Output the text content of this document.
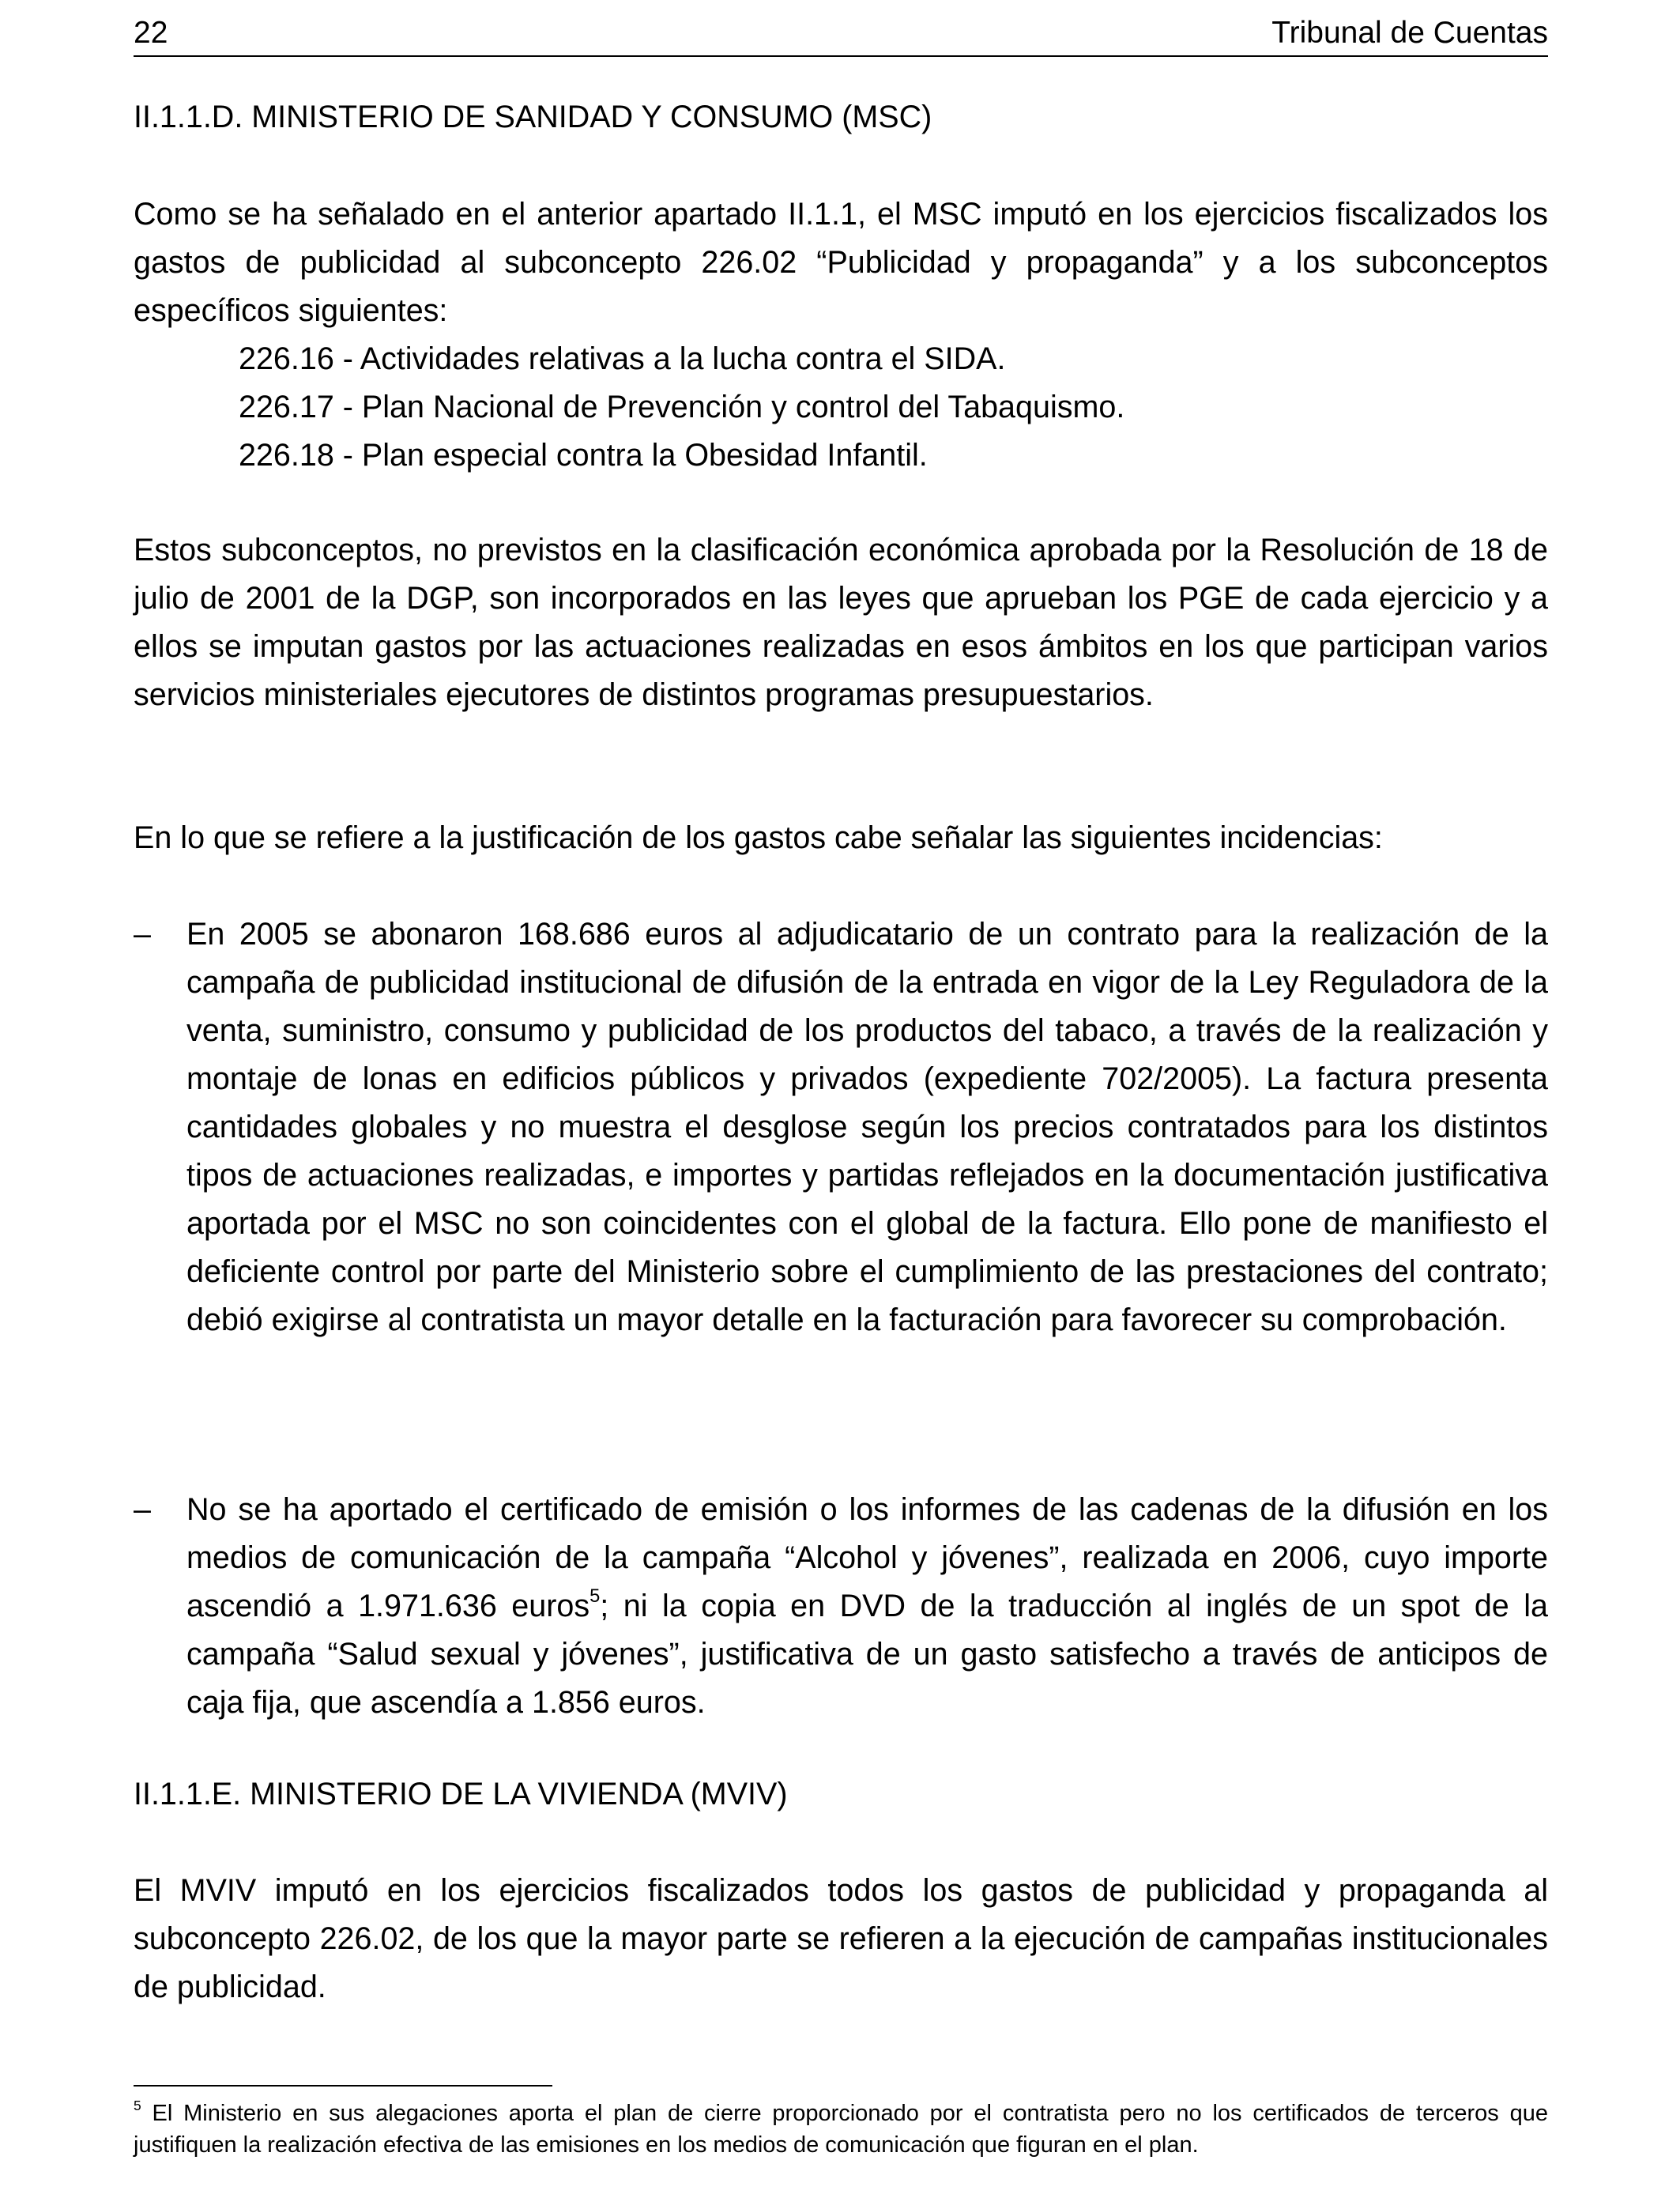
22	Tribunal de Cuentas
II.1.1.D. MINISTERIO DE SANIDAD Y CONSUMO (MSC)
Como se ha señalado en el anterior apartado II.1.1, el MSC imputó en los ejercicios fiscalizados los gastos de publicidad al subconcepto 226.02 “Publicidad y propaganda” y a los subconceptos específicos siguientes:
226.16 - Actividades relativas a la lucha contra el SIDA.
226.17 - Plan Nacional de Prevención y control del Tabaquismo.
226.18 - Plan especial contra la Obesidad Infantil.
Estos subconceptos, no previstos en la clasificación económica aprobada por la Resolución de 18 de julio de 2001 de la DGP, son incorporados en las leyes que aprueban los PGE de cada ejercicio y a ellos se imputan gastos por las actuaciones realizadas en esos ámbitos en los que participan varios servicios ministeriales ejecutores de distintos programas presupuestarios.
En lo que se refiere a la justificación de los gastos cabe señalar las siguientes incidencias:
– En 2005 se abonaron 168.686 euros al adjudicatario de un contrato para la realización de la campaña de publicidad institucional de difusión de la entrada en vigor de la Ley Reguladora de la venta, suministro, consumo y publicidad de los productos del tabaco, a través de la realización y montaje de lonas en edificios públicos y privados (expediente 702/2005). La factura presenta cantidades globales y no muestra el desglose según los precios contratados para los distintos tipos de actuaciones realizadas, e importes y partidas reflejados en la documentación justificativa aportada por el MSC no son coincidentes con el global de la factura. Ello pone de manifiesto el deficiente control por parte del Ministerio sobre el cumplimiento de las prestaciones del contrato; debió exigirse al contratista un mayor detalle en la facturación para favorecer su comprobación.
– No se ha aportado el certificado de emisión o los informes de las cadenas de la difusión en los medios de comunicación de la campaña “Alcohol y jóvenes”, realizada en 2006, cuyo importe ascendió a 1.971.636 euros$^5$; ni la copia en DVD de la traducción al inglés de un spot de la campaña “Salud sexual y jóvenes”, justificativa de un gasto satisfecho a través de anticipos de caja fija, que ascendía a 1.856 euros.
II.1.1.E. MINISTERIO DE LA VIVIENDA (MVIV)
El MVIV imputó en los ejercicios fiscalizados todos los gastos de publicidad y propaganda al subconcepto 226.02, de los que la mayor parte se refieren a la ejecución de campañas institucionales de publicidad.
$^5$ El Ministerio en sus alegaciones aporta el plan de cierre proporcionado por el contratista pero no los certificados de terceros que justifiquen la realización efectiva de las emisiones en los medios de comunicación que figuran en el plan.
